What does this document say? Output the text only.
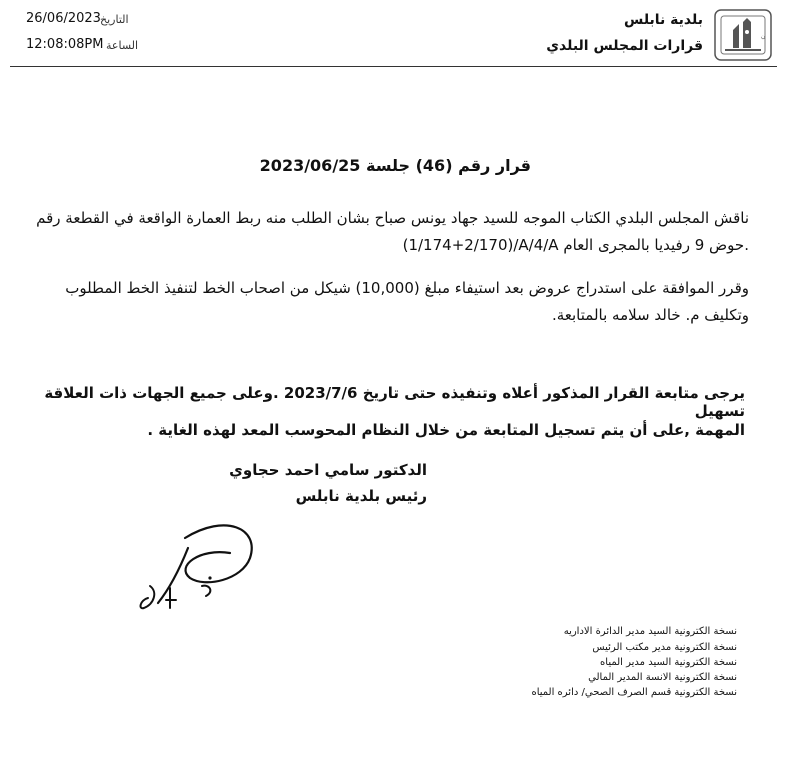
26/06/2023 التاريخ
12:08:08PM الساعة
بلدية نابلس
قرارات المجلس البلدي
ن
قرار رقم (46) جلسة 2023/06/25
ناقش المجلس البلدي الكتاب الموجه للسيد جهاد يونس صباح بشان الطلب منه ربط العمارة الواقعة في القطعة رقم
(1/174+2/170)/A/4/A حوض 9 رفيديا بالمجرى العام.
وقرر الموافقة على استدراج عروض بعد استيفاء مبلغ (10,000) شيكل من اصحاب الخط لتنفيذ الخط المطلوب
وتكليف م. خالد سلامه بالمتابعة.
يرجى متابعة القرار المذكور أعلاه وتنفيذه حتى تاريخ 2023/7/6 .وعلى جميع الجهات ذات العلاقة تسهيل
المهمة ,على أن يتم تسجيل المتابعة من خلال النظام المحوسب المعد لهذه الغاية .
الدكتور سامي احمد حجاوي
رئيس بلدية نابلس
نسخة الكترونية السيد مدير الدائرة الاداريه
نسخة الكترونية مدير مكتب الرئيس
نسخة الكترونية السيد مدير المياه
نسخة الكترونية الانسة المدير المالي
نسخة الكترونية قسم الصرف الصحي/ دائره المياه
